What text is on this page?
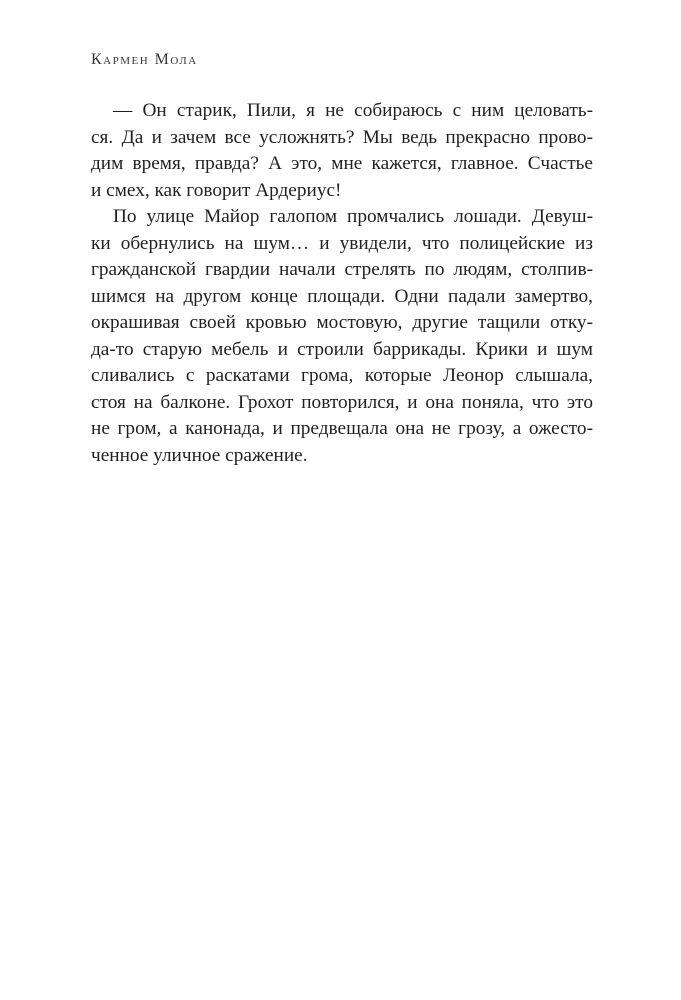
Кармен Мола
— Он старик, Пили, я не собираюсь с ним целовать-
ся. Да и зачем все усложнять? Мы ведь прекрасно прово-
дим время, правда? А это, мне кажется, главное. Счастье
и смех, как говорит Ардериус!
По улице Майор галопом промчались лошади. Девуш-
ки обернулись на шум… и увидели, что полицейские из
гражданской гвардии начали стрелять по людям, столпив-
шимся на другом конце площади. Одни падали замертво,
окрашивая своей кровью мостовую, другие тащили отку-
да-то старую мебель и строили баррикады. Крики и шум
сливались с раскатами грома, которые Леонор слышала,
стоя на балконе. Грохот повторился, и она поняла, что это
не гром, а канонада, и предвещала она не грозу, а ожесто-
ченное уличное сражение.
